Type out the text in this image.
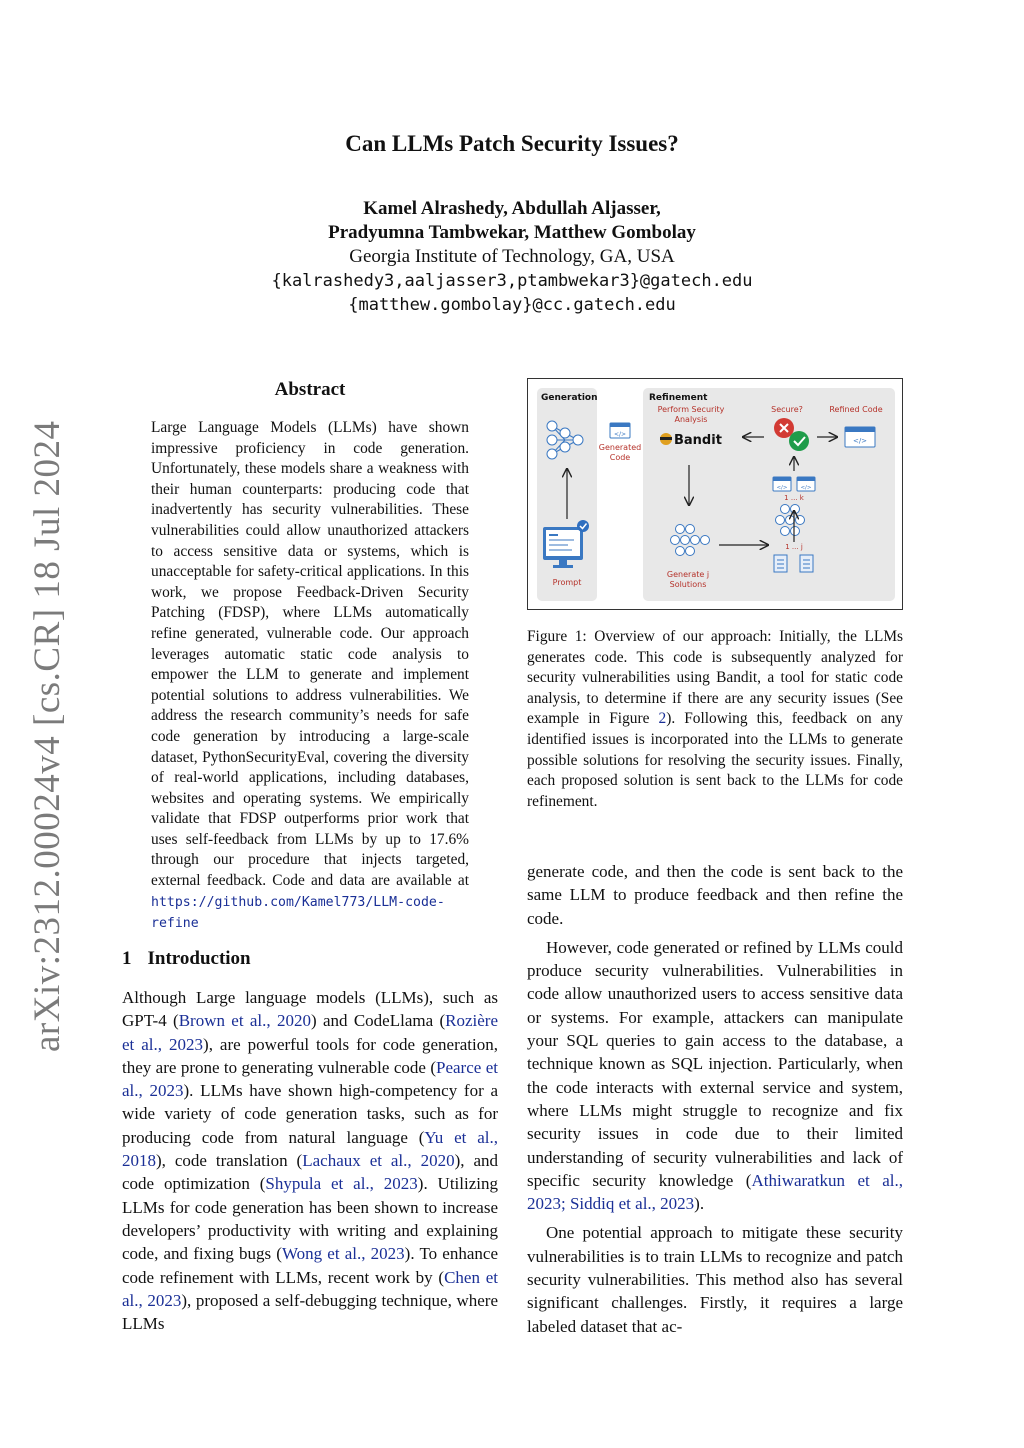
Can LLMs Patch Security Issues?
Kamel Alrashedy, Abdullah Aljasser,
Pradyumna Tambwekar, Matthew Gombolay
Georgia Institute of Technology, GA, USA
{kalrashedy3,aaljasser3,ptambwekar3}@gatech.edu
{matthew.gombolay}@cc.gatech.edu
arXiv:2312.00024v4 [cs.CR] 18 Jul 2024
Abstract
Large Language Models (LLMs) have shown impressive proficiency in code generation. Unfortunately, these models share a weakness with their human counterparts: producing code that inadvertently has security vulnerabilities. These vulnerabilities could allow unauthorized attackers to access sensitive data or systems, which is unacceptable for safety-critical applications. In this work, we propose Feedback-Driven Security Patching (FDSP), where LLMs automatically refine generated, vulnerable code. Our approach leverages automatic static code analysis to empower the LLM to generate and implement potential solutions to address vulnerabilities. We address the research community’s needs for safe code generation by introducing a large-scale dataset, PythonSecurityEval, covering the diversity of real-world applications, including databases, websites and operating systems. We empirically validate that FDSP outperforms prior work that uses self-feedback from LLMs by up to 17.6% through our procedure that injects targeted, external feedback. Code and data are available at https://github.com/Kamel773/LLM-code-refine
1 Introduction
Although Large language models (LLMs), such as GPT-4 (Brown et al., 2020) and CodeLlama (Rozière et al., 2023), are powerful tools for code generation, they are prone to generating vulnerable code (Pearce et al., 2023). LLMs have shown high-competency for a wide variety of code generation tasks, such as for producing code from natural language (Yu et al., 2018), code translation (Lachaux et al., 2020), and code optimization (Shypula et al., 2023). Utilizing LLMs for code generation has been shown to increase developers’ productivity with writing and explaining code, and fixing bugs (Wong et al., 2023). To enhance code refinement with LLMs, recent work by (Chen et al., 2023), proposed a self-debugging technique, where LLMs
Generation	Refinement
Perform Security
Analysis
Secure?	Refined Code
Prompt
</>
Generated
Code
Bandit	</>
</> </>
1 ... k
1 ... j
Generate j
Solutions
Figure 1: Overview of our approach: Initially, the LLMs generates code. This code is subsequently analyzed for security vulnerabilities using Bandit, a tool for static code analysis, to determine if there are any security issues (See example in Figure 2). Following this, feedback on any identified issues is incorporated into the LLMs to generate possible solutions for resolving the security issues. Finally, each proposed solution is sent back to the LLMs for code refinement.

generate code, and then the code is sent back to the same LLM to produce feedback and then refine the code.

However, code generated or refined by LLMs could produce security vulnerabilities. Vulnerabilities in code allow unauthorized users to access sensitive data or systems. For example, attackers can manipulate your SQL queries to gain access to the database, a technique known as SQL injection. Particularly, when the code interacts with external service and system, where LLMs might struggle to recognize and fix security issues in code due to their limited understanding of security vulnerabilities and lack of specific security knowledge (Athiwaratkun et al., 2023; Siddiq et al., 2023).

One potential approach to mitigate these security vulnerabilities is to train LLMs to recognize and patch security vulnerabilities. This method also has several significant challenges. Firstly, it requires a large labeled dataset that ac-
